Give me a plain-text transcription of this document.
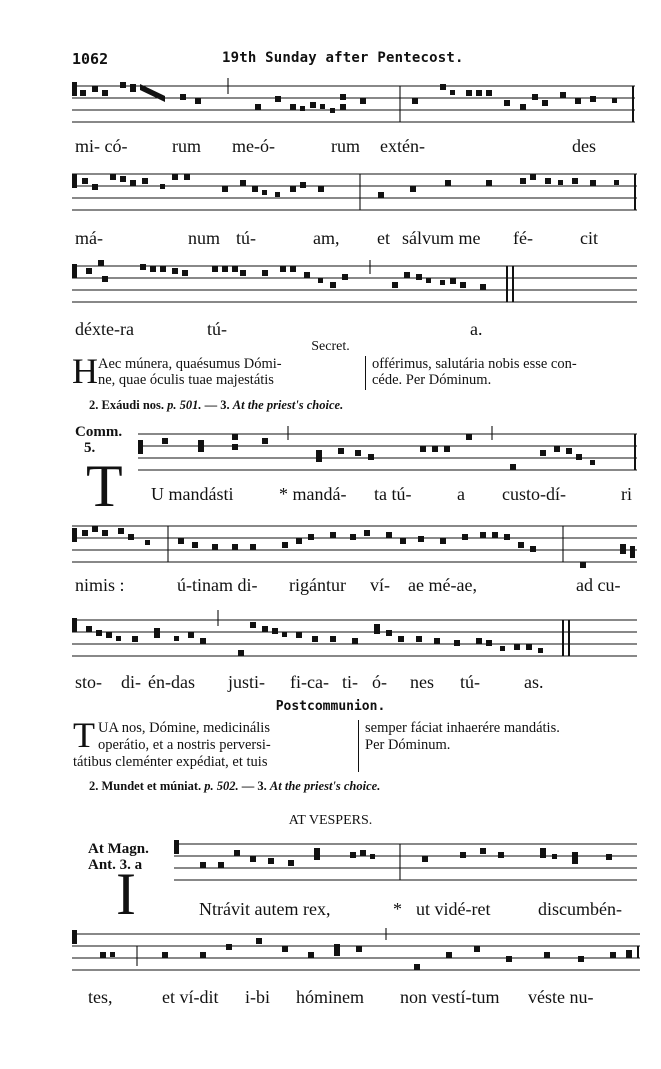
1062	19th Sunday after Pentecost.
mi- có- rum me-ó-	rum extén-	des
má-	num tú-	am, et sálvum me fé-	cit
déxte-ra	tú-	a.
Secret.
H Aec múnera, quaésumus Dómi-
ne, quae óculis tuae majestátis
offérimus, salutária nobis esse con-
céde. Per Dóminum.
2. Exáudi nos. p. 501. — 3. At the priest's choice.
Comm.
5.
T U mandásti	* mandá- ta tú-	a custo-dí-	ri
nimis :	ú-tinam di- rigántur ví- ae mé-ae,	ad cu-
sto- di- én-das justi- fi-ca- ti- ó- nes tú- as.
Postcommunion.
T UA nos, Dómine, medicinális
operátio, et a nostris perversi-
tátibus cleménter expédiat, et tuis
semper fáciat inhaerére mandátis.
Per Dóminum.
2. Mundet et múniat. p. 502. — 3. At the priest's choice.
AT VESPERS.
At Magn.
Ant. 3. a
I	Ntrávit autem rex,	* ut vidé-ret	discumbén-
tes,	et ví-dit i-bi hóminem non vestí-tum véste nu-
